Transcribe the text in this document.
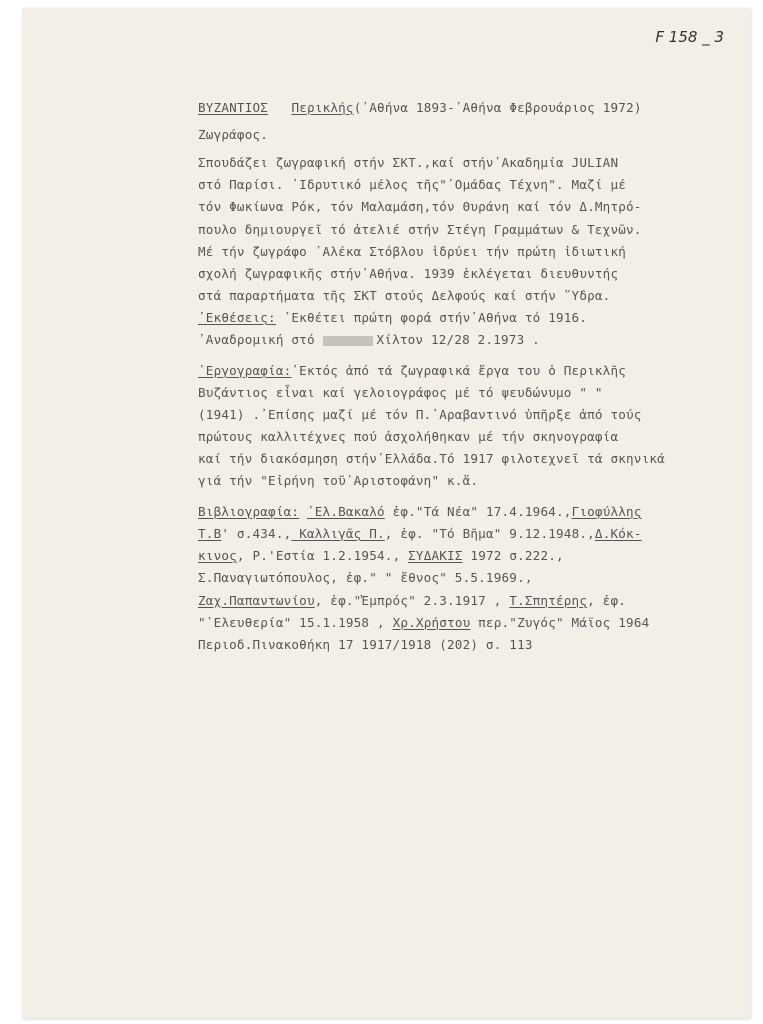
F 158 _ 3
ΒΥΖΑΝΤΙΟΣ Περικλής(᾿Αθήνα 1893-᾿Αθήνα Φεβρουάριος 1972)
Ζωγράφος.
Σπουδάζει ζωγραφική στήν ΣΚΤ.,καί στήν᾿Ακαδημία JULIAN
στό Παρίσι. ᾿Ιδρυτικό μέλος τῆς"᾿Ομάδας Τέχνη". Μαζί μέ
τόν Φωκίωνα Ρόκ, τόν Μαλαμάση,τόν Θυράνη καί τόν Δ.Μητρό-
πουλο δημιουργεῖ τό ἀτελιέ στήν Στέγη Γραμμάτων & Τεχνῶν.
Μέ τήν ζωγράφο ᾿Αλέκα Στόβλου ἱδρύει τήν πρώτη ἰδιωτική
σχολή ζωγραφικῆς στήν᾿Αθήνα. 1939 ἐκλέγεται διευθυντής
στά παραρτήματα τῆς ΣΚΤ στούς Δελφούς καί στήν ῞Υδρα.
᾿Εκθέσεις: ᾿Εκθέτει πρώτη φορά στήν᾿Αθήνα τό 1916.
᾿Αναδρομική στό	Χίλτον 12/28 2.1973 .
᾿Εργογραφία:᾿Εκτός ἀπό τά ζωγραφικά ἔργα του ὁ Περικλῆς
Βυζάντιος εἶναι καί γελοιογράφος μέ τό ψευδώνυμο " "
(1941) .᾿Επίσης μαζί μέ τόν Π.᾿Αραβαντινό ὑπῆρξε ἀπό τούς
πρώτους καλλιτέχνες πού ἀσχολήθηκαν μέ τήν σκηνογραφία
καί τήν διακόσμηση στήν᾿Ελλάδα.Τό 1917 φιλοτεχνεῖ τά σκηνικά
γιά τήν "Εἰρήνη τοῦ᾿Αριστοφάνη" κ.ἄ.
Βιβλιογραφία: ᾿Ελ.Βακαλό ἐφ."Τά Νέα" 17.4.1964.,Γιοφύλλης
Τ.Β' σ.434., Καλλιγᾶς Π., ἐφ. "Τό Βῆμα" 9.12.1948.,Δ.Κόκ-
κινος, Ρ.'Εστία 1.2.1954., ΣΥΔΑΚΙΣ 1972 σ.222.,
Σ.Παναγιωτόπουλος, ἐφ." " ἔθνος" 5.5.1969.,
Ζαχ.Παπαντωνίου, ἐφ."Ἐμπρός" 2.3.1917 , Τ.Σπητέρης, ἐφ.
"᾿Ελευθερία" 15.1.1958 , Χρ.Χρήστου περ."Ζυγός" Μάϊος 1964
Περιοδ.Πινακοθήκη 17 1917/1918 (202) σ. 113
